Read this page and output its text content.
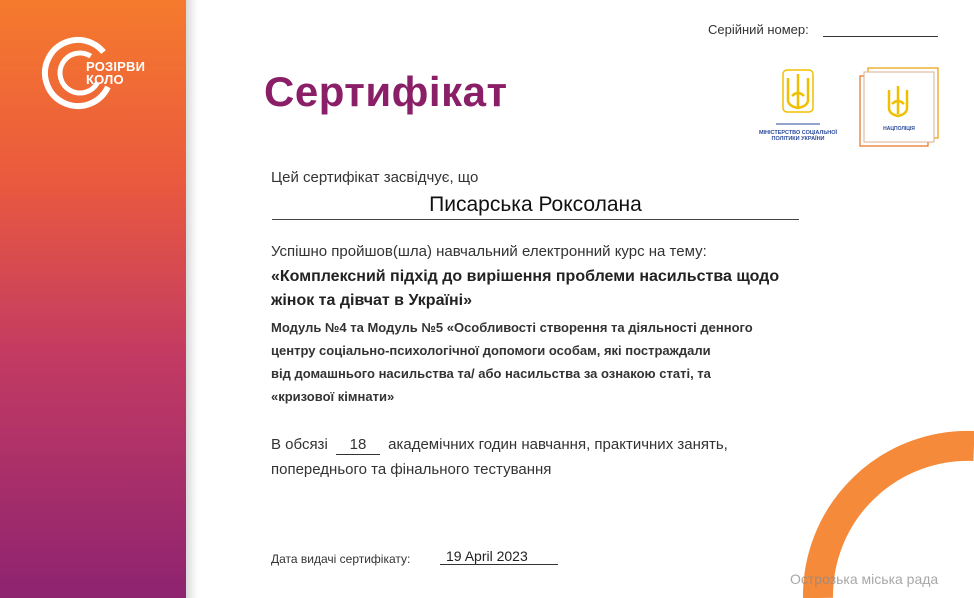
РОЗІРВИ
КОЛО
Серійний номер:
Сертифікат
МІНІСТЕРСТВО СОЦІАЛЬНОЇ ПОЛІТИКИ УКРАЇНИ
НАЦПОЛІЦІЯ
Цей сертифікат засвідчує, що
Писарська Роксолана
Успішно пройшов(шла) навчальний електронний курс на тему:
«Комплексний підхід до вирішення проблеми насильства щодо
жінок та дівчат в Україні»
Модуль №4 та Модуль №5 «Особливості створення та діяльності денного
центру соціально-психологічної допомоги особам, які постраждали
від домашнього насильства та/ або насильства за ознакою статі, та
«кризової кімнати»
В обсязі 18 академічних годин навчання, практичних занять,
попереднього та фінального тестування
Дата видачі сертифікату:	19 April 2023
Острозька міська рада
